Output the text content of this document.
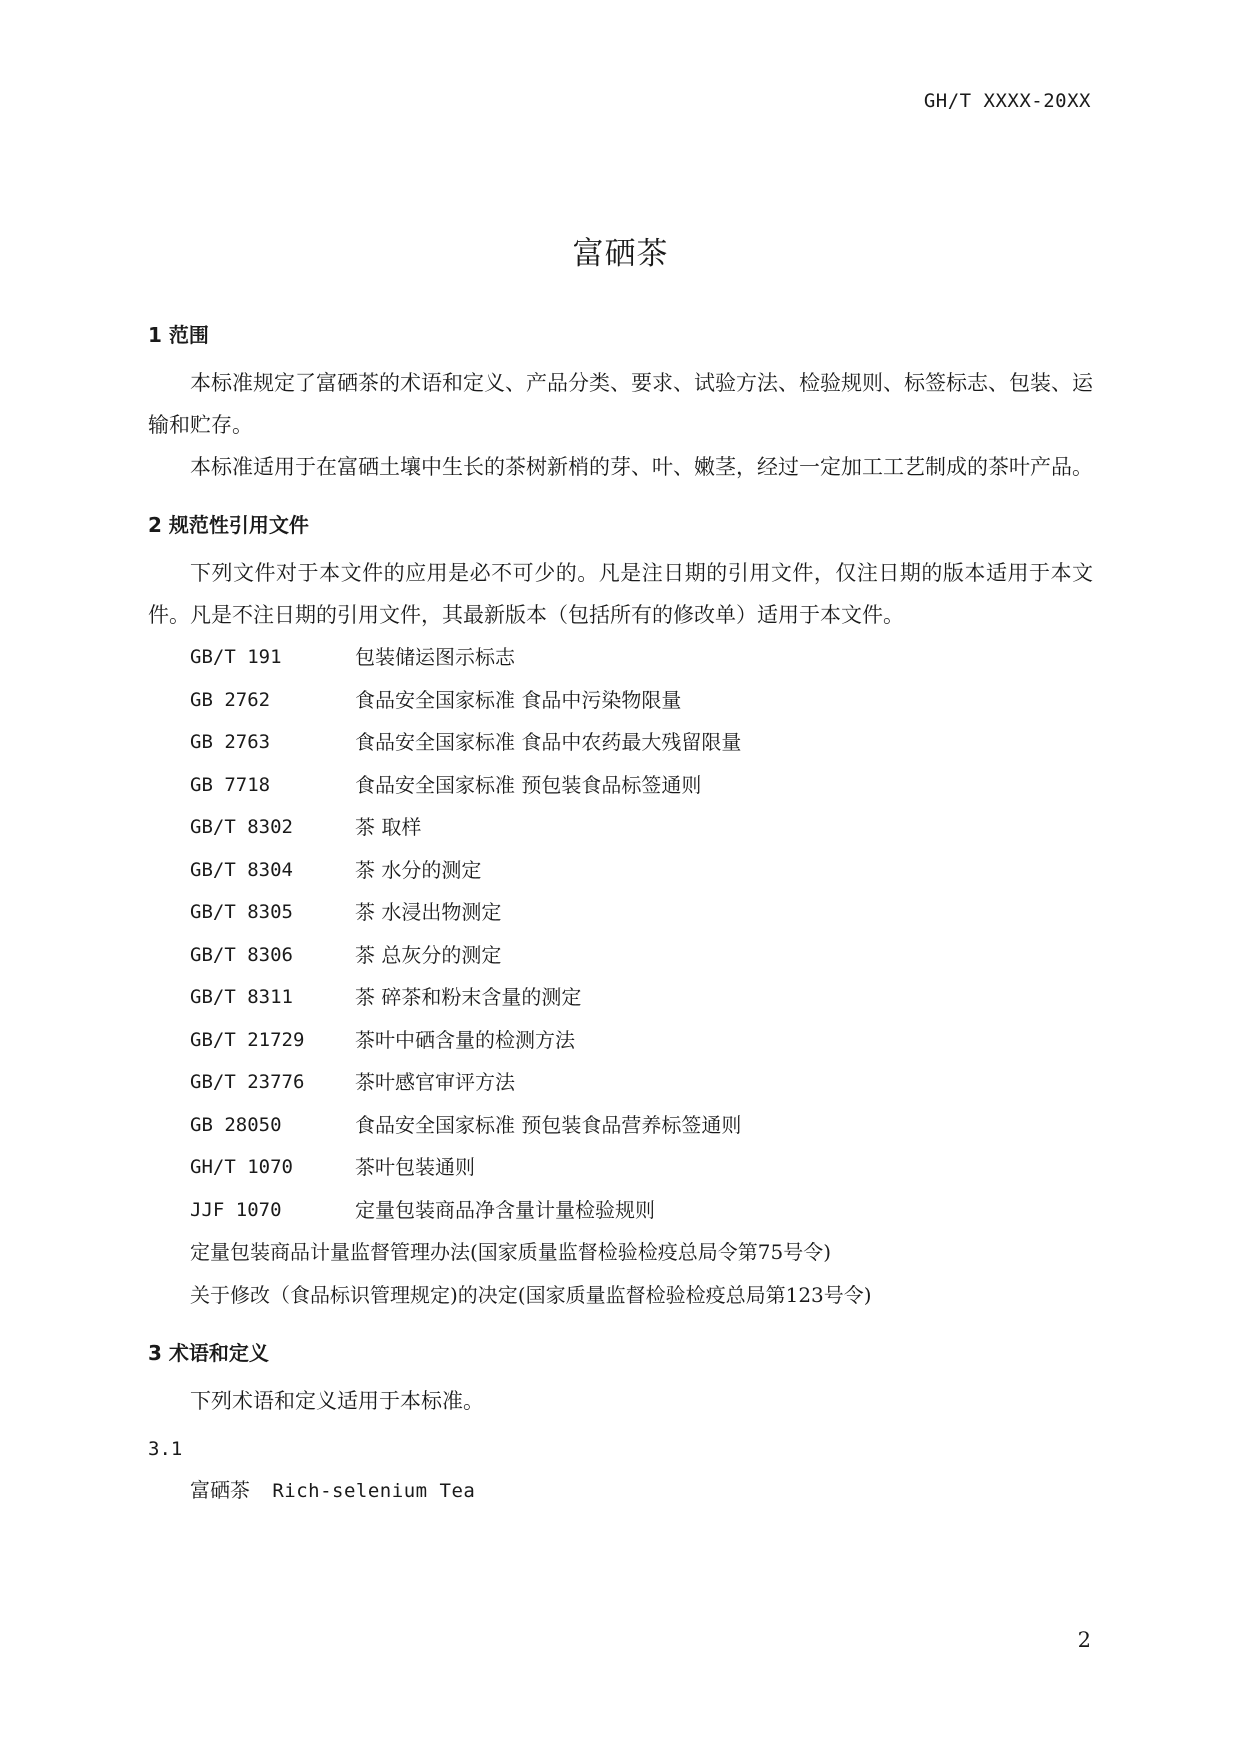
GH/T XXXX-20XX
富硒茶
1 范围

本标准规定了富硒茶的术语和定义、产品分类、要求、试验方法、检验规则、标签标志、包装、运输和贮存。

本标准适用于在富硒土壤中生长的茶树新梢的芽、叶、嫩茎，经过一定加工工艺制成的茶叶产品。

2 规范性引用文件

下列文件对于本文件的应用是必不可少的。凡是注日期的引用文件，仅注日期的版本适用于本文件。凡是不注日期的引用文件，其最新版本（包括所有的修改单）适用于本文件。

GB/T 191	包装储运图示标志
GB 2762	食品安全国家标准 食品中污染物限量
GB 2763	食品安全国家标准 食品中农药最大残留限量
GB 7718	食品安全国家标准 预包装食品标签通则
GB/T 8302	茶 取样
GB/T 8304	茶 水分的测定
GB/T 8305	茶 水浸出物测定
GB/T 8306	茶 总灰分的测定
GB/T 8311	茶 碎茶和粉末含量的测定
GB/T 21729	茶叶中硒含量的检测方法
GB/T 23776	茶叶感官审评方法
GB 28050	食品安全国家标准 预包装食品营养标签通则
GH/T 1070	茶叶包装通则
JJF 1070	定量包装商品净含量计量检验规则
定量包装商品计量监督管理办法(国家质量监督检验检疫总局令第75号令)
关于修改（食品标识管理规定)的决定(国家质量监督检验检疫总局第123号令)
3 术语和定义

下列术语和定义适用于本标准。

3.1
富硒茶 Rich-selenium Tea
2
